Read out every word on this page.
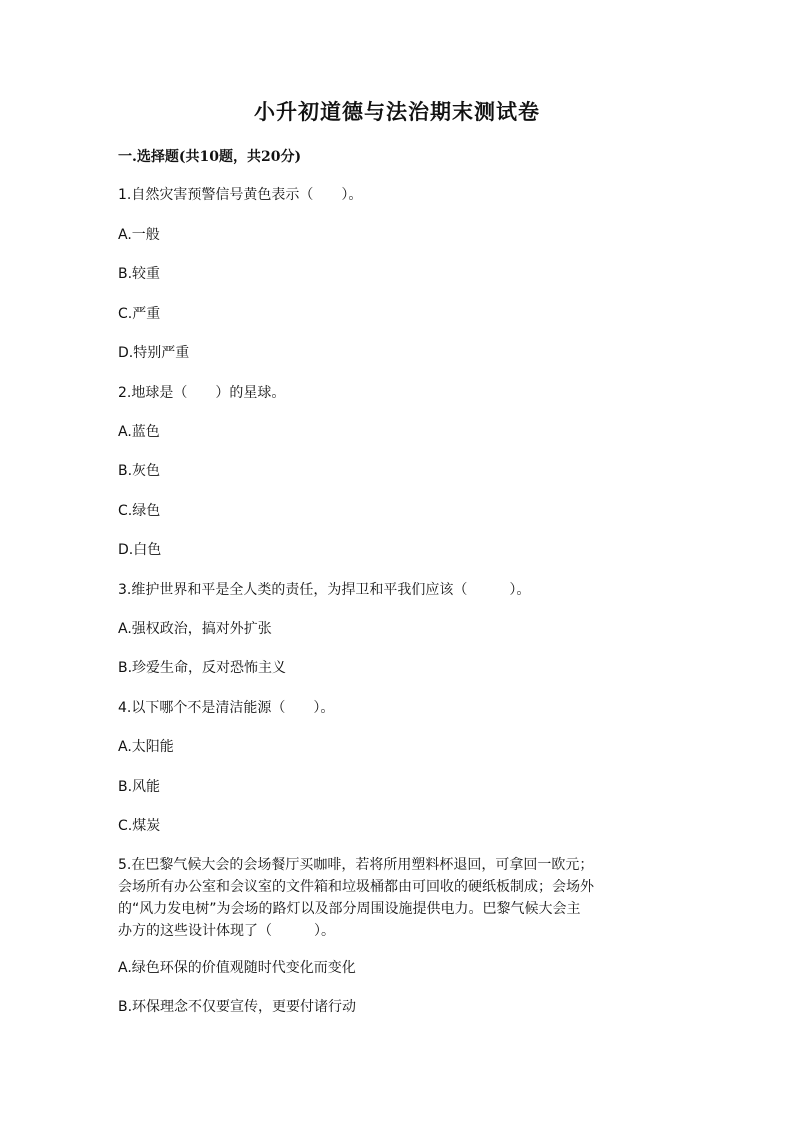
小升初道德与法治期末测试卷
一.选择题(共10题，共20分)
1.自然灾害预警信号黄色表示（　　）。
A.一般
B.较重
C.严重
D.特别严重
2.地球是（　　）的星球。
A.蓝色
B.灰色
C.绿色
D.白色
3.维护世界和平是全人类的责任，为捍卫和平我们应该（　　　）。
A.强权政治，搞对外扩张
B.珍爱生命，反对恐怖主义
4.以下哪个不是清洁能源（　　）。
A.太阳能
B.风能
C.煤炭
5.在巴黎气候大会的会场餐厅买咖啡，若将所用塑料杯退回，可拿回一欧元；
会场所有办公室和会议室的文件箱和垃圾桶都由可回收的硬纸板制成；会场外
的“风力发电树”为会场的路灯以及部分周围设施提供电力。巴黎气候大会主
办方的这些设计体现了（　　　）。
A.绿色环保的价值观随时代变化而变化
B.环保理念不仅要宣传，更要付诸行动
